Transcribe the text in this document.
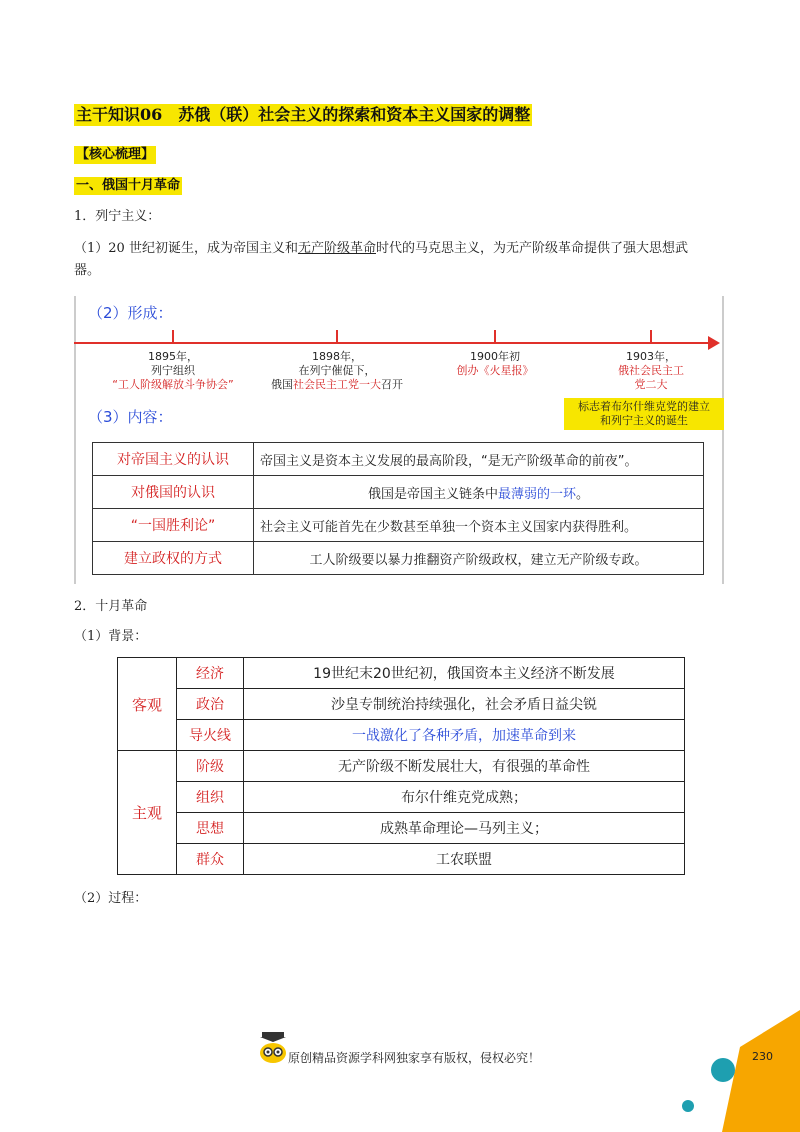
主干知识06　苏俄（联）社会主义的探索和资本主义国家的调整
【核心梳理】
一、俄国十月革命
1．列宁主义：
（1）20 世纪初诞生，成为帝国主义和无产阶级革命时代的马克思主义，为无产阶级革命提供了强大思想武
器。
（2）形成：
1895年，
列宁组织
“工人阶级解放斗争协会”
1898年，
在列宁催促下，
俄国社会民主工党一大召开
1900年初
创办《火星报》
1903年，
俄社会民主工
党二大
标志着布尔什维克党的建立
和列宁主义的诞生
（3）内容：
对帝国主义的认识	帝国主义是资本主义发展的最高阶段，“是无产阶级革命的前夜”。
对俄国的认识	俄国是帝国主义链条中最薄弱的一环。
“一国胜利论”	社会主义可能首先在少数甚至单独一个资本主义国家内获得胜利。
建立政权的方式	工人阶级要以暴力推翻资产阶级政权，建立无产阶级专政。
2．十月革命
（1）背景：
客观	经济	19世纪末20世纪初，俄国资本主义经济不断发展
	政治	沙皇专制统治持续强化，社会矛盾日益尖锐
	导火线	一战激化了各种矛盾，加速革命到来
主观	阶级	无产阶级不断发展壮大，有很强的革命性
	组织	布尔什维克党成熟；
	思想	成熟革命理论—马列主义；
	群众	工农联盟
（2）过程：
原创精品资源学科网独家享有版权，侵权必究！	230
